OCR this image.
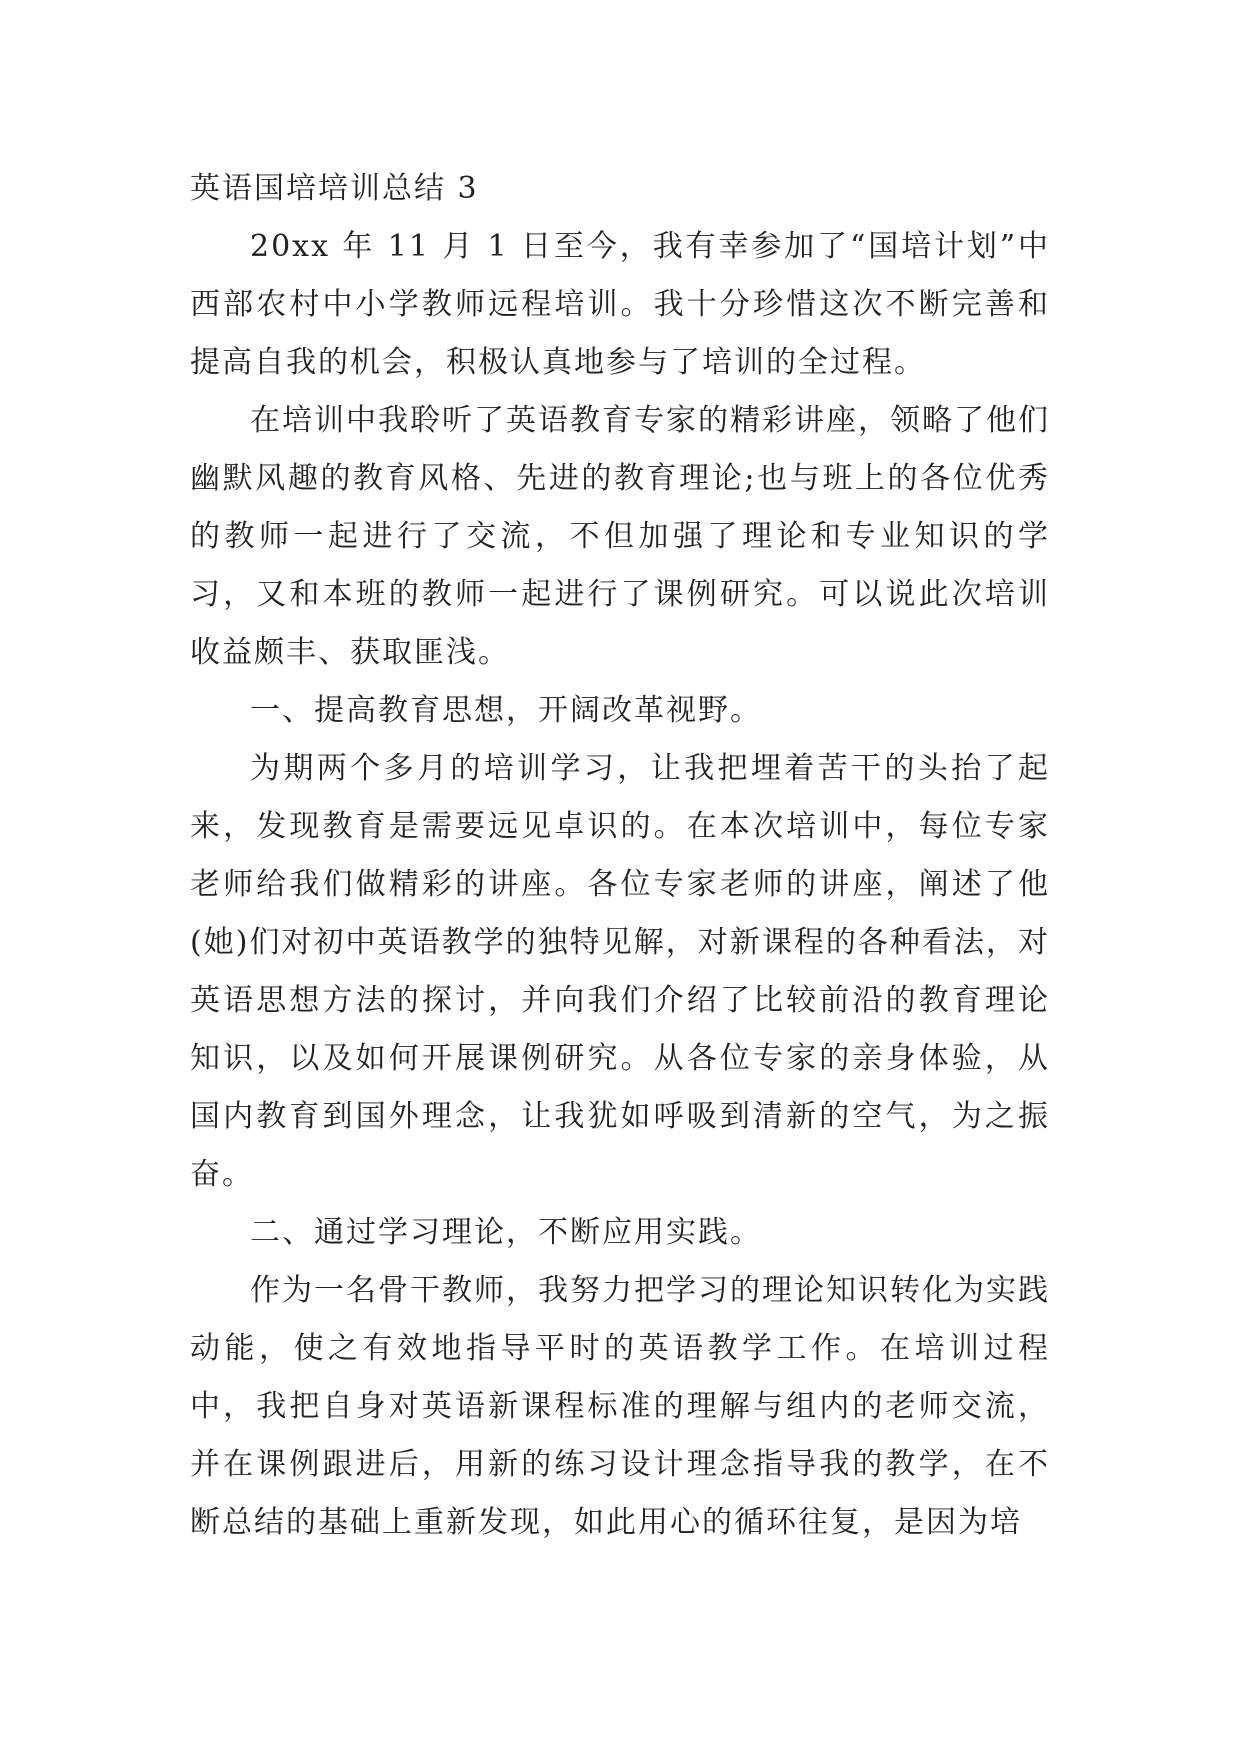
英语国培培训总结 3

20xx 年 11 月 1 日至今，我有幸参加了“国培计划”中西部农村中小学教师远程培训。我十分珍惜这次不断完善和提高自我的机会，积极认真地参与了培训的全过程。

在培训中我聆听了英语教育专家的精彩讲座，领略了他们幽默风趣的教育风格、先进的教育理论;也与班上的各位优秀的教师一起进行了交流，不但加强了理论和专业知识的学习，又和本班的教师一起进行了课例研究。可以说此次培训收益颇丰、获取匪浅。

一、提高教育思想，开阔改革视野。

为期两个多月的培训学习，让我把埋着苦干的头抬了起来，发现教育是需要远见卓识的。在本次培训中，每位专家老师给我们做精彩的讲座。各位专家老师的讲座，阐述了他(她)们对初中英语教学的独特见解，对新课程的各种看法，对英语思想方法的探讨，并向我们介绍了比较前沿的教育理论知识，以及如何开展课例研究。从各位专家的亲身体验，从国内教育到国外理念，让我犹如呼吸到清新的空气，为之振奋。

二、通过学习理论，不断应用实践。

作为一名骨干教师，我努力把学习的理论知识转化为实践动能，使之有效地指导平时的英语教学工作。在培训过程中，我把自身对英语新课程标准的理解与组内的老师交流，并在课例跟进后，用新的练习设计理念指导我的教学，在不断总结的基础上重新发现，如此用心的循环往复，是因为培
